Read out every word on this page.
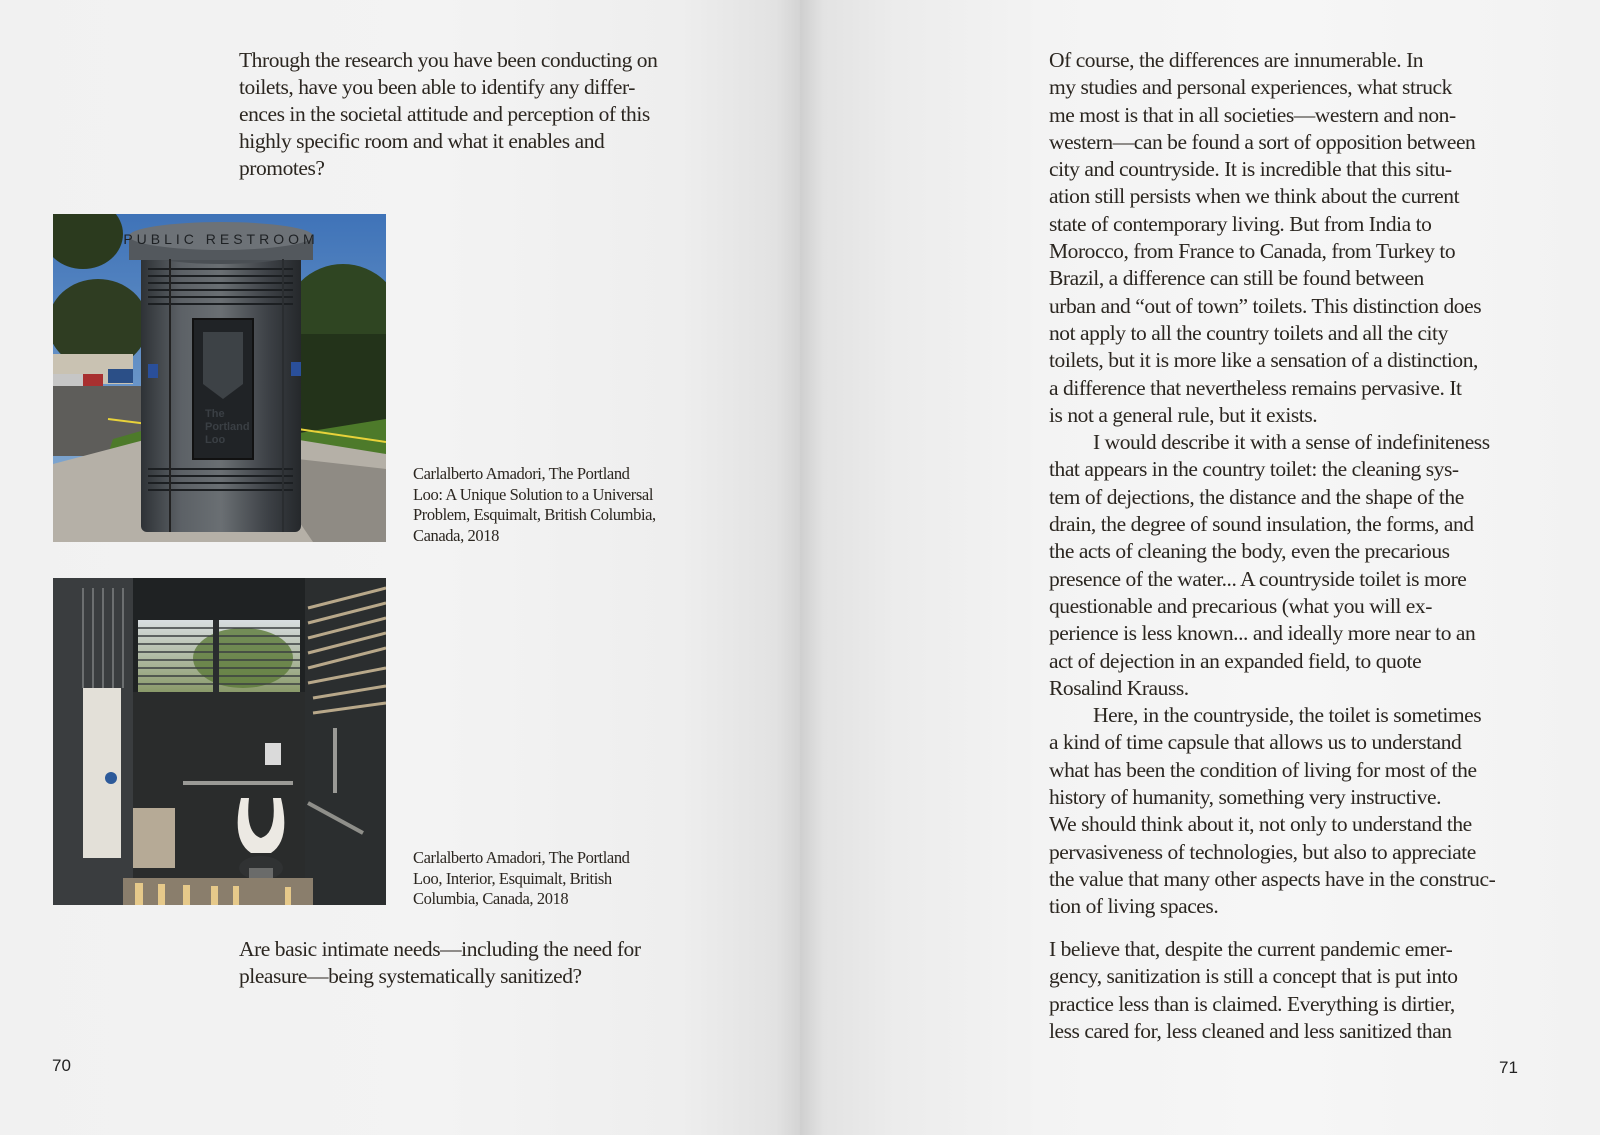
Through the research you have been conducting on
toilets, have you been able to identify any differ-
ences in the societal attitude and perception of this
highly specific room and what it enables and
promotes?
PUBLIC RESTROOM
The
Portland
Loo
Carlalberto Amadori, The Portland
Loo: A Unique Solution to a Universal
Problem, Esquimalt, British Columbia,
Canada, 2018
Carlalberto Amadori, The Portland
Loo, Interior, Esquimalt, British
Columbia, Canada, 2018
Are basic intimate needs—including the need for
pleasure—being systematically sanitized?
70
Of course, the differences are innumerable. In
my studies and personal experiences, what struck
me most is that in all societies—western and non-
western—can be found a sort of opposition between
city and countryside. It is incredible that this situ-
ation still persists when we think about the current
state of contemporary living. But from India to
Morocco, from France to Canada, from Turkey to
Brazil, a difference can still be found between
urban and “out of town” toilets. This distinction does
not apply to all the country toilets and all the city
toilets, but it is more like a sensation of a distinction,
a difference that nevertheless remains pervasive. It
is not a general rule, but it exists.
I would describe it with a sense of indefiniteness
that appears in the country toilet: the cleaning sys-
tem of dejections, the distance and the shape of the
drain, the degree of sound insulation, the forms, and
the acts of cleaning the body, even the precarious
presence of the water... A countryside toilet is more
questionable and precarious (what you will ex-
perience is less known... and ideally more near to an
act of dejection in an expanded field, to quote
Rosalind Krauss.
Here, in the countryside, the toilet is sometimes
a kind of time capsule that allows us to understand
what has been the condition of living for most of the
history of humanity, something very instructive.
We should think about it, not only to understand the
pervasiveness of technologies, but also to appreciate
the value that many other aspects have in the construc-
tion of living spaces.
I believe that, despite the current pandemic emer-
gency, sanitization is still a concept that is put into
practice less than is claimed. Everything is dirtier,
less cared for, less cleaned and less sanitized than
71
